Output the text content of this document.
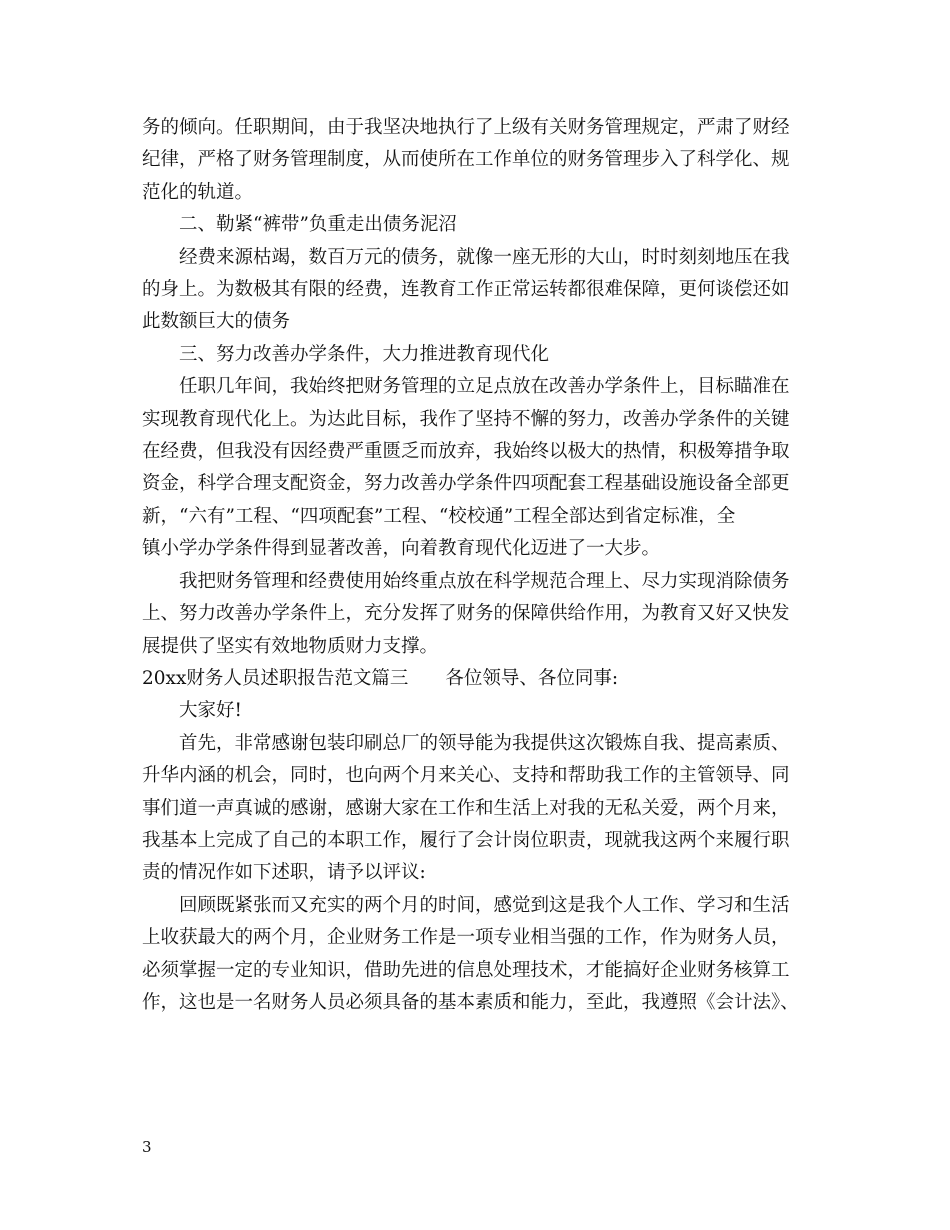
务的倾向。任职期间，由于我坚决地执行了上级有关财务管理规定，严肃了财经
纪律，严格了财务管理制度，从而使所在工作单位的财务管理步入了科学化、规
范化的轨道。
二、勒紧“裤带”负重走出债务泥沼
经费来源枯竭，数百万元的债务，就像一座无形的大山，时时刻刻地压在我
的身上。为数极其有限的经费，连教育工作正常运转都很难保障，更何谈偿还如
此数额巨大的债务
三、努力改善办学条件，大力推进教育现代化
任职几年间，我始终把财务管理的立足点放在改善办学条件上，目标瞄准在
实现教育现代化上。为达此目标，我作了坚持不懈的努力，改善办学条件的关键
在经费，但我没有因经费严重匮乏而放弃，我始终以极大的热情，积极筹措争取
资金，科学合理支配资金，努力改善办学条件四项配套工程基础设施设备全部更
新，“六有”工程、“四项配套”工程、“校校通”工程全部达到省定标准，全
镇小学办学条件得到显著改善，向着教育现代化迈进了一大步。
我把财务管理和经费使用始终重点放在科学规范合理上、尽力实现消除债务
上、努力改善办学条件上，充分发挥了财务的保障供给作用，为教育又好又快发
展提供了坚实有效地物质财力支撑。
20xx财务人员述职报告范文篇三　　各位领导、各位同事:
大家好!
首先，非常感谢包装印刷总厂的领导能为我提供这次锻炼自我、提高素质、
升华内涵的机会，同时，也向两个月来关心、支持和帮助我工作的主管领导、同
事们道一声真诚的感谢，感谢大家在工作和生活上对我的无私关爱，两个月来，
我基本上完成了自己的本职工作，履行了会计岗位职责，现就我这两个来履行职
责的情况作如下述职，请予以评议:
回顾既紧张而又充实的两个月的时间，感觉到这是我个人工作、学习和生活
上收获最大的两个月，企业财务工作是一项专业相当强的工作，作为财务人员，
必须掌握一定的专业知识，借助先进的信息处理技术，才能搞好企业财务核算工
作，这也是一名财务人员必须具备的基本素质和能力，至此，我遵照《会计法》、
3
